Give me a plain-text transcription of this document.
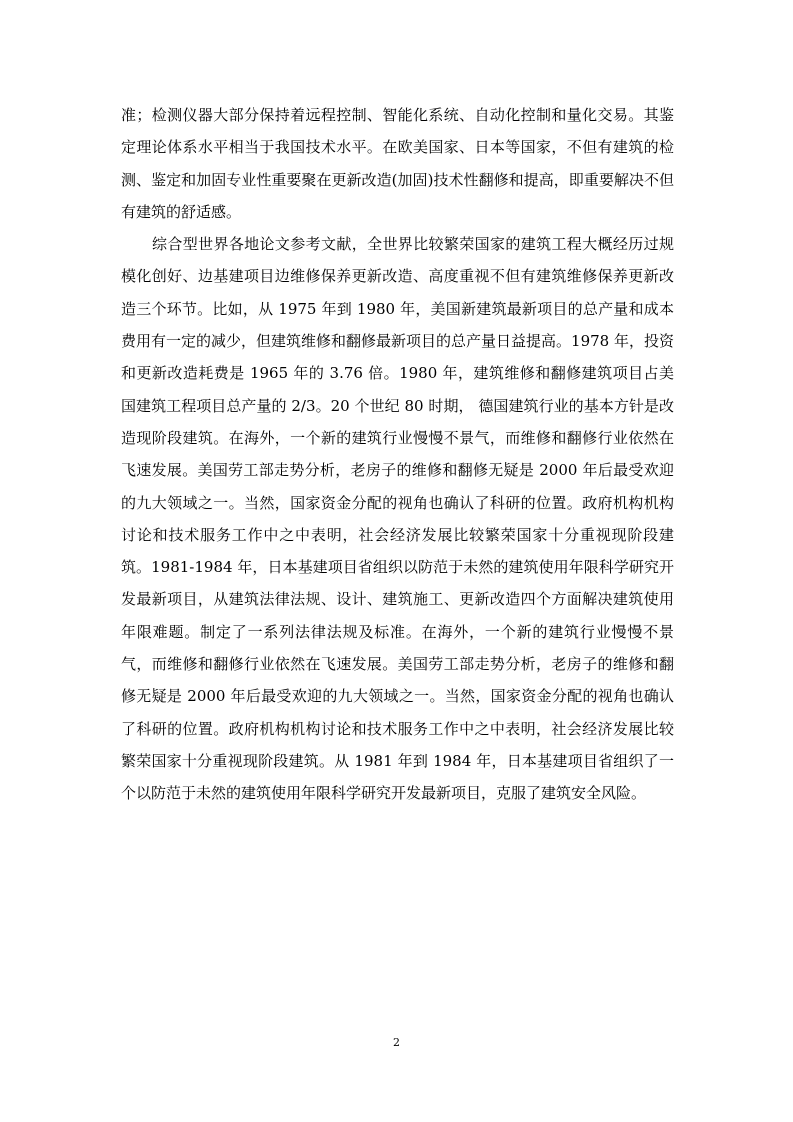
准；检测仪器大部分保持着远程控制、智能化系统、自动化控制和量化交易。其鉴定理论体系水平相当于我国技术水平。在欧美国家、日本等国家，不但有建筑的检测、鉴定和加固专业性重要聚在更新改造(加固)技术性翻修和提高，即重要解决不但有建筑的舒适感。

综合型世界各地论文参考文献，全世界比较繁荣国家的建筑工程大概经历过规模化创好、边基建项目边维修保养更新改造、高度重视不但有建筑维修保养更新改造三个环节。比如，从 1975 年到 1980 年，美国新建筑最新项目的总产量和成本费用有一定的减少，但建筑维修和翻修最新项目的总产量日益提高。1978 年，投资和更新改造耗费是 1965 年的 3.76 倍。1980 年，建筑维修和翻修建筑项目占美国建筑工程项目总产量的 2/3。20 个世纪 80 时期， 德国建筑行业的基本方针是改造现阶段建筑。在海外，一个新的建筑行业慢慢不景气，而维修和翻修行业依然在飞速发展。美国劳工部走势分析，老房子的维修和翻修无疑是 2000 年后最受欢迎的九大领域之一。当然，国家资金分配的视角也确认了科研的位置。政府机构机构讨论和技术服务工作中之中表明，社会经济发展比较繁荣国家十分重视现阶段建筑。1981-1984 年，日本基建项目省组织以防范于未然的建筑使用年限科学研究开发最新项目，从建筑法律法规、设计、建筑施工、更新改造四个方面解决建筑使用年限难题。制定了一系列法律法规及标准。在海外，一个新的建筑行业慢慢不景气，而维修和翻修行业依然在飞速发展。美国劳工部走势分析，老房子的维修和翻修无疑是 2000 年后最受欢迎的九大领域之一。当然，国家资金分配的视角也确认了科研的位置。政府机构机构讨论和技术服务工作中之中表明，社会经济发展比较繁荣国家十分重视现阶段建筑。从 1981 年到 1984 年，日本基建项目省组织了一个以防范于未然的建筑使用年限科学研究开发最新项目，克服了建筑安全风险。

2
